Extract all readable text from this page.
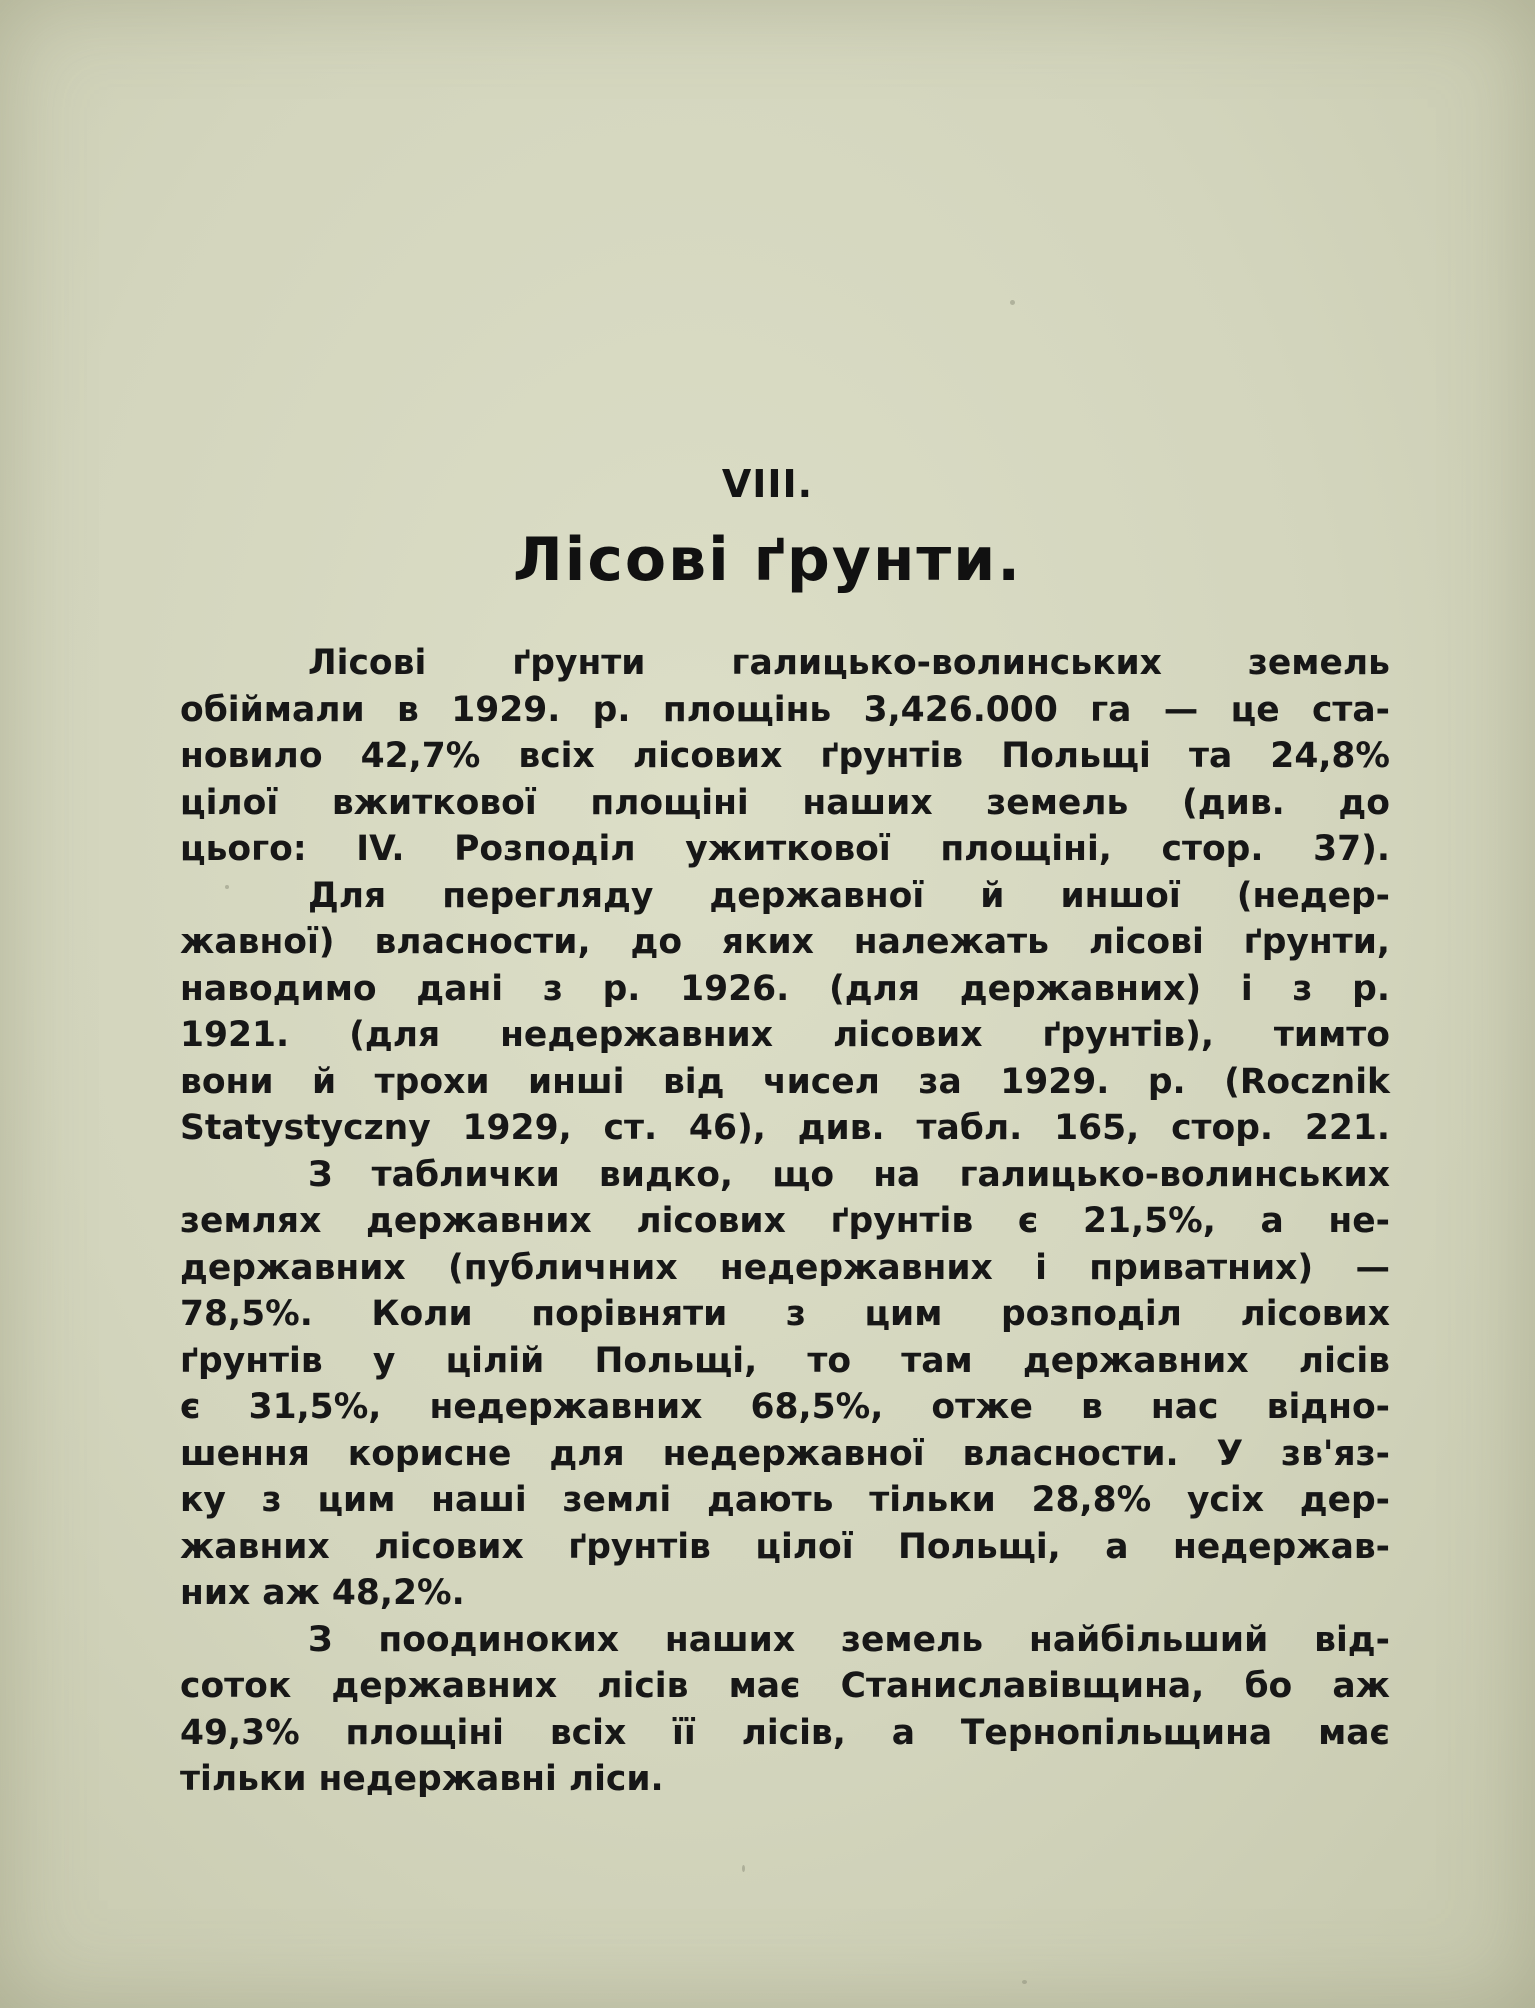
VIII.
Лісові ґрунти.
Лісові ґрунти галицько-волинських земель
обіймали в 1929. р. площінь 3,426.000 га — це ста-
новило 42,7% всіх лісових ґрунтів Польщі та 24,8%
цілої вжиткової площіні наших земель (див. до
цього: IV. Розподіл ужиткової площіні, стор. 37).
Для перегляду державної й иншої (недер-
жавної) власности, до яких належать лісові ґрунти,
наводимо дані з р. 1926. (для державних) і з р.
1921. (для недержавних лісових ґрунтів), тимто
вони й трохи инші від чисел за 1929. р. (Rocznik
Statystyczny 1929, ст. 46), див. табл. 165, стор. 221.
З таблички видко, що на галицько-волинських
землях державних лісових ґрунтів є 21,5%, а не-
державних (публичних недержавних і приватних) —
78,5%. Коли порівняти з цим розподіл лісових
ґрунтів у цілій Польщі, то там державних лісів
є 31,5%, недержавних 68,5%, отже в нас відно-
шення корисне для недержавної власности. У зв'яз-
ку з цим наші землі дають тільки 28,8% усіх дер-
жавних лісових ґрунтів цілої Польщі, а недержав-
них аж 48,2%.
З поодиноких наших земель найбільший від-
соток державних лісів має Станиславівщина, бо аж
49,3% площіні всіх її лісів, а Тернопільщина має
тільки недержавні ліси.
